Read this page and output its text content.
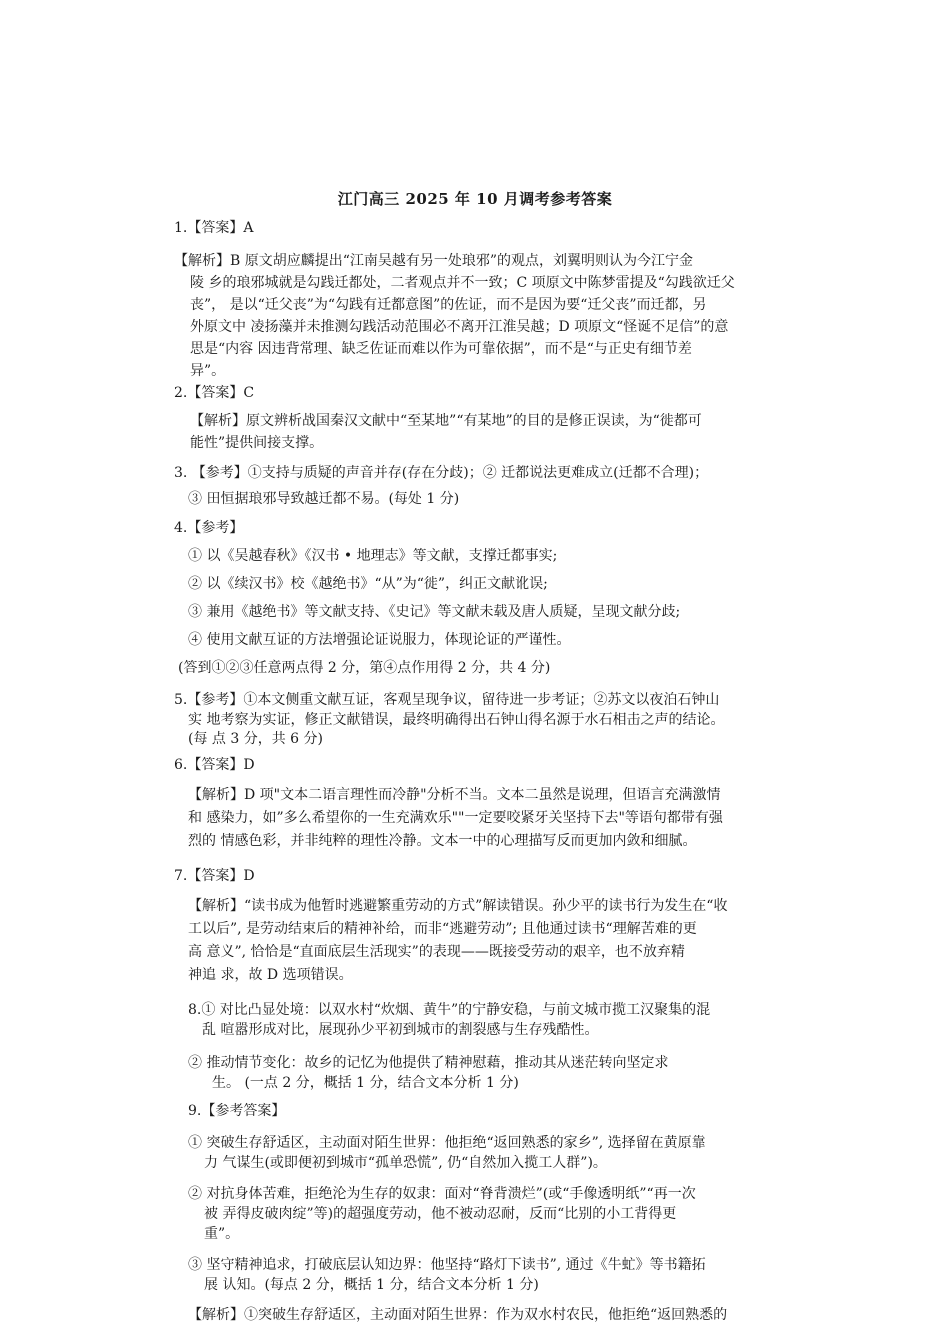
江门高三 2025 年 10 月调考参考答案
1.【答案】A
【解析】B 原文胡应麟提出“江南吴越有另一处琅邪”的观点，刘翼明则认为今江宁金
陵 乡的琅邪城就是勾践迁都处，二者观点并不一致；C 项原文中陈梦雷提及“勾践欲迁父
丧”， 是以“迁父丧”为“勾践有迁都意图”的佐证，而不是因为要“迁父丧”而迁都，另
外原文中 凌扬藻并未推测勾践活动范围必不离开江淮吴越；D 项原文“怪诞不足信”的意
思是“内容 因违背常理、缺乏佐证而难以作为可靠依据”，而不是“与正史有细节差
异”。
2.【答案】C
【解析】原文辨析战国秦汉文献中“至某地”“有某地”的目的是修正误读，为“徙都可
能性”提供间接支撑。
3. 【参考】①支持与质疑的声音并存(存在分歧)；② 迁都说法更难成立(迁都不合理)；
③ 田恒据琅邪导致越迁都不易。(每处 1 分)
4.【参考】
① 以《吴越春秋》《汉书 • 地理志》等文献，支撑迁都事实;
② 以《续汉书》校《越绝书》“从”为“徙”，纠正文献讹误;
③ 兼用《越绝书》等文献支持、《史记》等文献未载及唐人质疑，呈现文献分歧;
④ 使用文献互证的方法增强论证说服力，体现论证的严谨性。
(答到①②③任意两点得 2 分，第④点作用得 2 分，共 4 分)
5.【参考】①本文侧重文献互证，客观呈现争议，留待进一步考证；②苏文以夜泊石钟山
实 地考察为实证，修正文献错误，最终明确得出石钟山得名源于水石相击之声的结论。
(每 点 3 分，共 6 分)
6.【答案】D
【解析】D 项"文本二语言理性而冷静"分析不当。文本二虽然是说理，但语言充满激情
和 感染力，如”多么希望你的一生充满欢乐""一定要咬紧牙关坚持下去"等语句都带有强
烈的 情感色彩，并非纯粹的理性冷静。文本一中的心理描写反而更加内敛和细腻。
7.【答案】D
【解析】“读书成为他暂时逃避繁重劳动的方式”解读错误。孙少平的读书行为发生在“收
工以后”, 是劳动结束后的精神补给，而非“逃避劳动”; 且他通过读书“理解苦难的更
高 意义”, 恰恰是“直面底层生活现实”的表现——既接受劳动的艰辛，也不放弃精
神追 求，故 D 选项错误。
8.① 对比凸显处境：以双水村“炊烟、黄牛”的宁静安稳，与前文城市揽工汉聚集的混
乱 喧嚣形成对比，展现孙少平初到城市的割裂感与生存残酷性。
② 推动情节变化：故乡的记忆为他提供了精神慰藉，推动其从迷茫转向坚定求
生。 (一点 2 分，概括 1 分，结合文本分析 1 分)
9.【参考答案】
① 突破生存舒适区，主动面对陌生世界：他拒绝“返回熟悉的家乡”, 选择留在黄原靠
力 气谋生(或即便初到城市“孤单恐慌”, 仍“自然加入揽工人群”)。
② 对抗身体苦难，拒绝沦为生存的奴隶：面对“脊背溃烂”(或“手像透明纸”“再一次
被 弄得皮破肉绽”等)的超强度劳动，他不被动忍耐，反而“比别的小工背得更
重”。
③ 坚守精神追求，打破底层认知边界：他坚持“路灯下读书”, 通过《牛虻》等书籍拓
展 认知。(每点 2 分，概括 1 分，结合文本分析 1 分)
【解析】①突破生存舒适区，主动面对陌生世界：作为双水村农民，他拒绝“返回熟悉的
